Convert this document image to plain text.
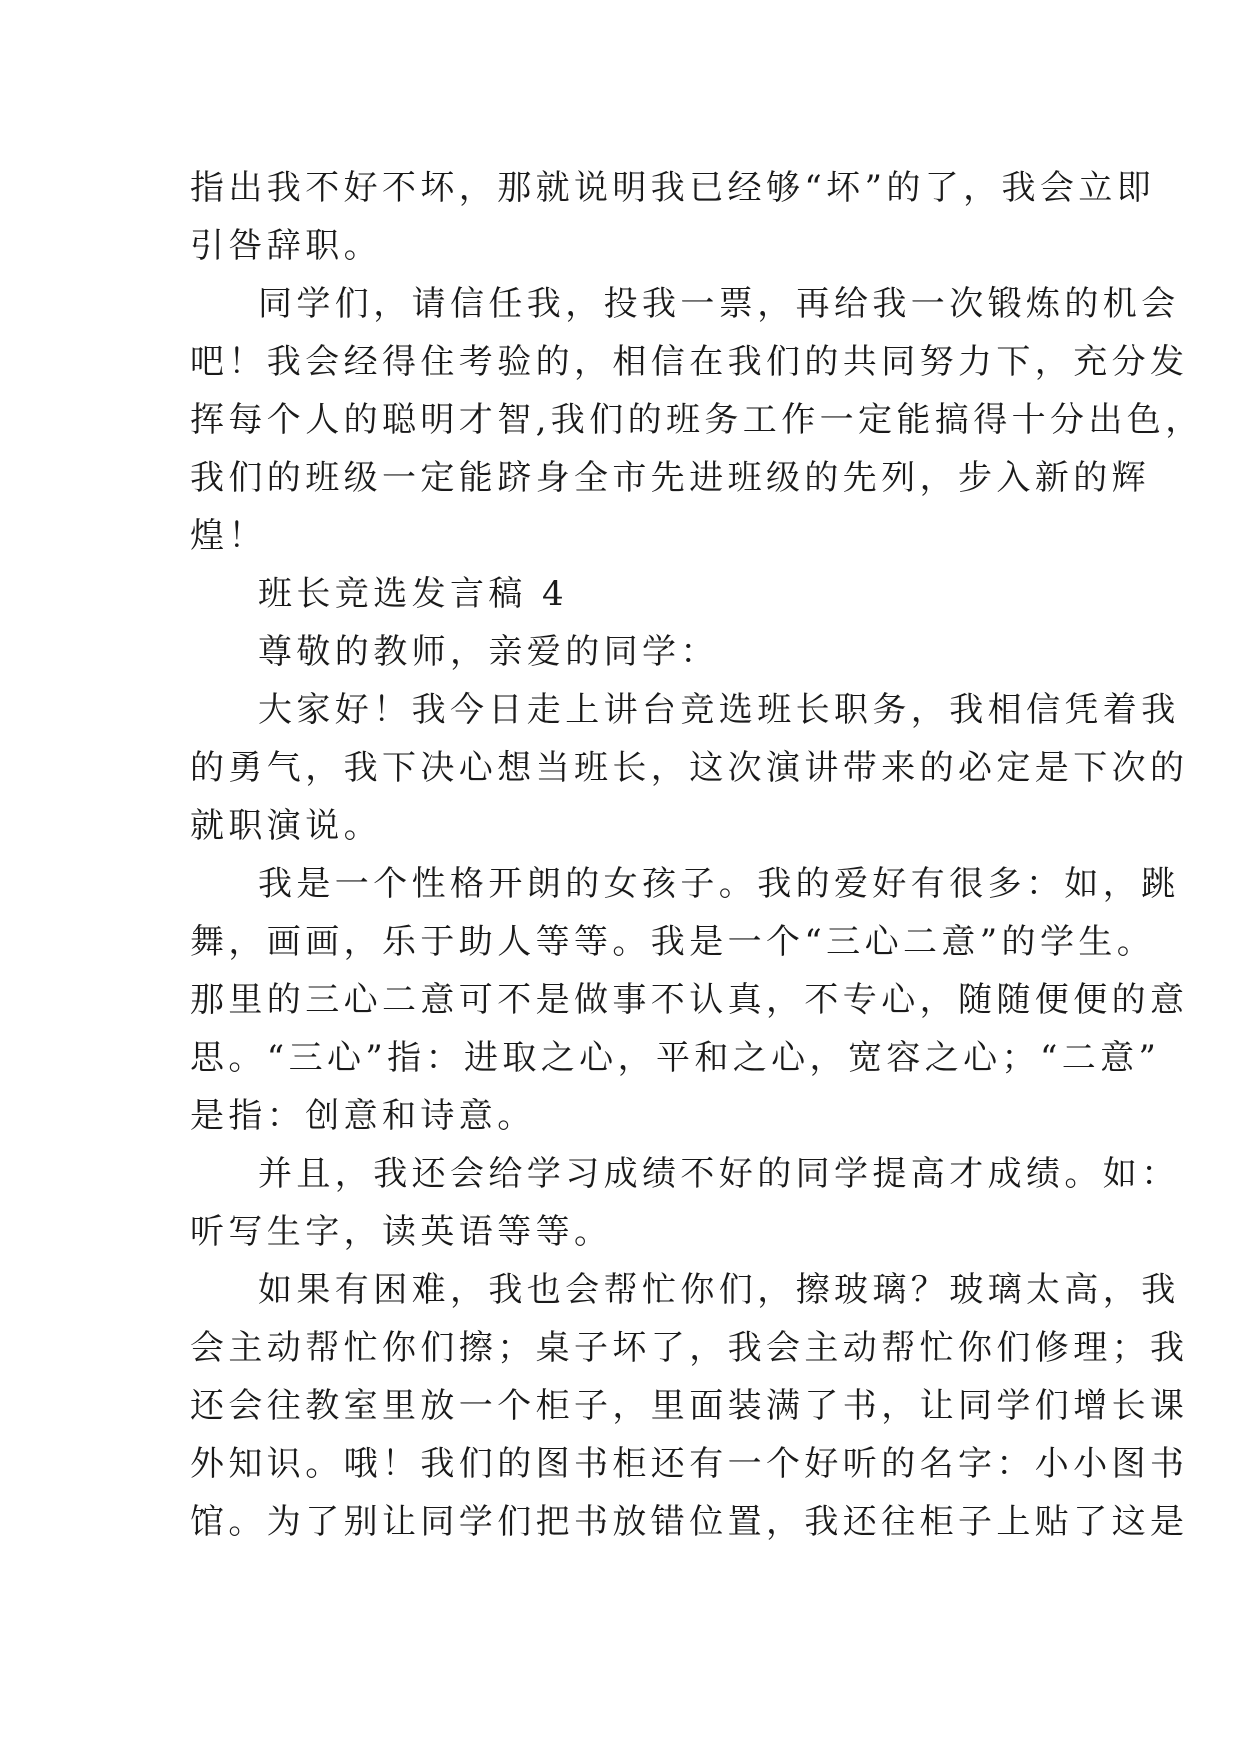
指出我不好不坏，那就说明我已经够“坏”的了，我会立即
引咎辞职。
同学们，请信任我，投我一票，再给我一次锻炼的机会
吧！我会经得住考验的，相信在我们的共同努力下，充分发
挥每个人的聪明才智,我们的班务工作一定能搞得十分出色，
我们的班级一定能跻身全市先进班级的先列，步入新的辉
煌！
班长竞选发言稿 4
尊敬的教师，亲爱的同学：
大家好！我今日走上讲台竞选班长职务，我相信凭着我
的勇气，我下决心想当班长，这次演讲带来的必定是下次的
就职演说。
我是一个性格开朗的女孩子。我的爱好有很多：如，跳
舞，画画，乐于助人等等。我是一个“三心二意”的学生。
那里的三心二意可不是做事不认真，不专心，随随便便的意
思。“三心”指：进取之心，平和之心，宽容之心；“二意”
是指：创意和诗意。
并且，我还会给学习成绩不好的同学提高才成绩。如：
听写生字，读英语等等。
如果有困难，我也会帮忙你们，擦玻璃？玻璃太高，我
会主动帮忙你们擦；桌子坏了，我会主动帮忙你们修理；我
还会往教室里放一个柜子，里面装满了书，让同学们增长课
外知识。哦！我们的图书柜还有一个好听的名字：小小图书
馆。为了别让同学们把书放错位置，我还往柜子上贴了这是
